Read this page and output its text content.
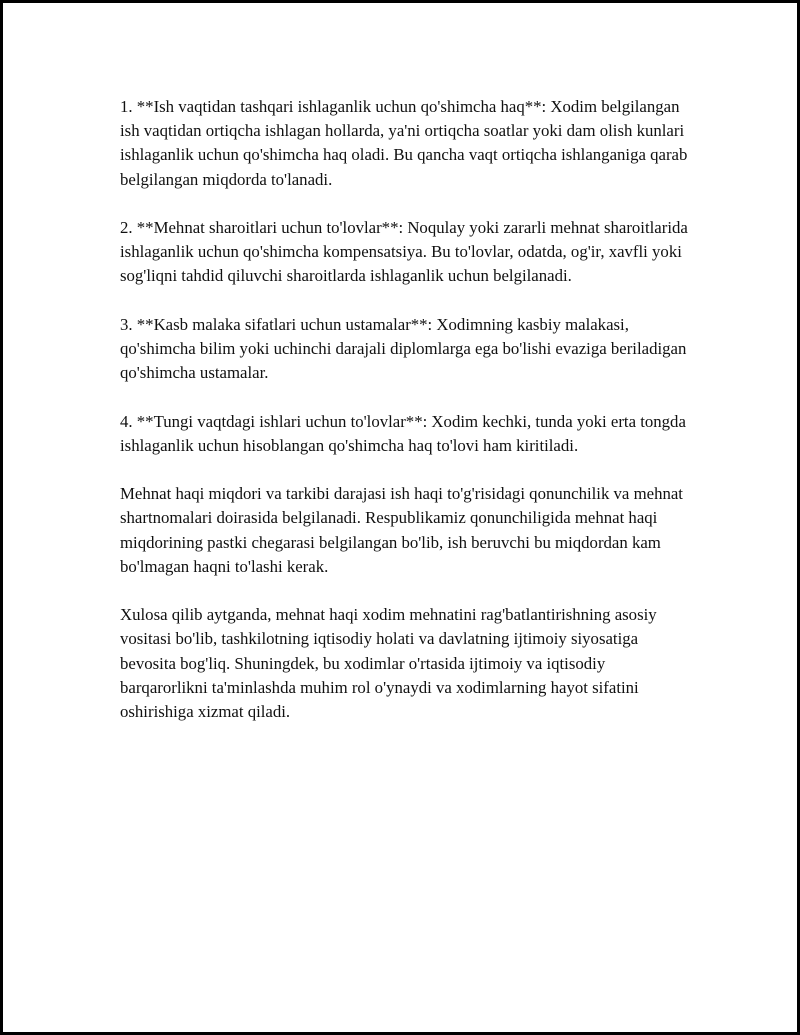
1. **Ish vaqtidan tashqari ishlaganlik uchun qo'shimcha haq**: Xodim belgilangan ish vaqtidan ortiqcha ishlagan hollarda, ya'ni ortiqcha soatlar yoki dam olish kunlari ishlaganlik uchun qo'shimcha haq oladi. Bu qancha vaqt ortiqcha ishlanganiga qarab belgilangan miqdorda to'lanadi.

2. **Mehnat sharoitlari uchun to'lovlar**: Noqulay yoki zararli mehnat sharoitlarida ishlaganlik uchun qo'shimcha kompensatsiya. Bu to'lovlar, odatda, og'ir, xavfli yoki sog'liqni tahdid qiluvchi sharoitlarda ishlaganlik uchun belgilanadi.

3. **Kasb malaka sifatlari uchun ustamalar**: Xodimning kasbiy malakasi, qo'shimcha bilim yoki uchinchi darajali diplomlarga ega bo'lishi evaziga beriladigan qo'shimcha ustamalar.

4. **Tungi vaqtdagi ishlari uchun to'lovlar**: Xodim kechki, tunda yoki erta tongda ishlaganlik uchun hisoblangan qo'shimcha haq to'lovi ham kiritiladi.

Mehnat haqi miqdori va tarkibi darajasi ish haqi to'g'risidagi qonunchilik va mehnat shartnomalari doirasida belgilanadi. Respublikamiz qonunchiligida mehnat haqi miqdorining pastki chegarasi belgilangan bo'lib, ish beruvchi bu miqdordan kam bo'lmagan haqni to'lashi kerak.

Xulosa qilib aytganda, mehnat haqi xodim mehnatini rag'batlantirishning asosiy vositasi bo'lib, tashkilotning iqtisodiy holati va davlatning ijtimoiy siyosatiga bevosita bog'liq. Shuningdek, bu xodimlar o'rtasida ijtimoiy va iqtisodiy barqarorlikni ta'minlashda muhim rol o'ynaydi va xodimlarning hayot sifatini oshirishiga xizmat qiladi.
